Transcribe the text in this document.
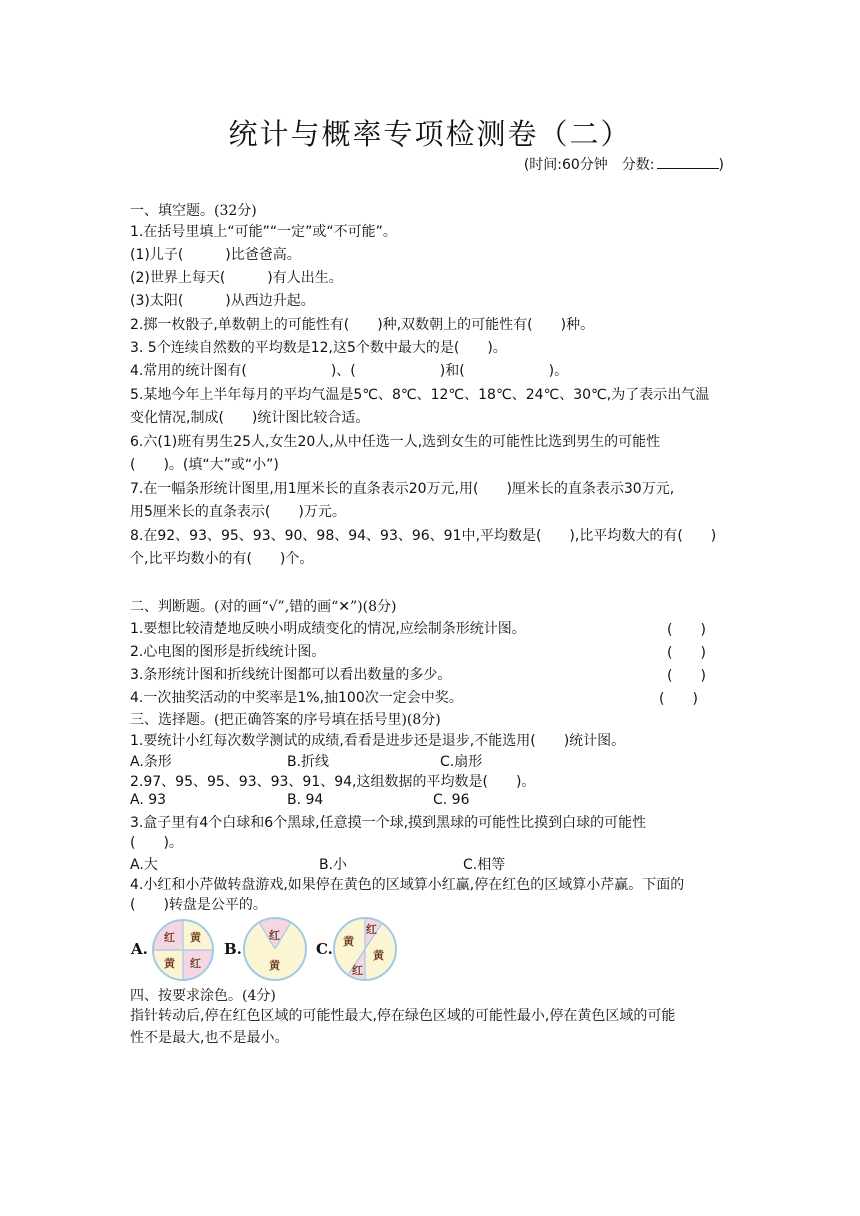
统计与概率专项检测卷（二）
(时间:60分钟　分数:	)
一、填空题。(32分)
1.在括号里填上“可能”“一定”或“不可能”。
(1)儿子(　　　)比爸爸高。
(2)世界上每天(　　　)有人出生。
(3)太阳(　　　)从西边升起。
2.掷一枚骰子,单数朝上的可能性有(　　)种,双数朝上的可能性有(　　)种。
3. 5个连续自然数的平均数是12,这5个数中最大的是(　　)。
4.常用的统计图有(　　　　　　)、(　　　　　　)和(　　　　　　)。
5.某地今年上半年每月的平均气温是5℃、8℃、12℃、18℃、24℃、30℃,为了表示出气温
变化情况,制成(　　)统计图比较合适。
6.六(1)班有男生25人,女生20人,从中任选一人,选到女生的可能性比选到男生的可能性
(　　)。(填“大”或“小”)
7.在一幅条形统计图里,用1厘米长的直条表示20万元,用(　　)厘米长的直条表示30万元,
用5厘米长的直条表示(　　)万元。
8.在92、93、95、93、90、98、94、93、96、91中,平均数是(　　),比平均数大的有(　　)
个,比平均数小的有(　　)个。
二、判断题。(对的画“√”,错的画“✕”)(8分)
1.要想比较清楚地反映小明成绩变化的情况,应绘制条形统计图。	(　　)
2.心电图的图形是折线统计图。	(　　)
3.条形统计图和折线统计图都可以看出数量的多少。	(　　)
4.一次抽奖活动的中奖率是1%,抽100次一定会中奖。	(　　)
三、选择题。(把正确答案的序号填在括号里)(8分)
1.要统计小红每次数学测试的成绩,看看是进步还是退步,不能选用(　　)统计图。
A.条形	B.折线	C.扇形
2.97、95、95、93、93、91、94,这组数据的平均数是(　　)。
A. 93	B. 94	C. 96
3.盒子里有4个白球和6个黑球,任意摸一个球,摸到黑球的可能性比摸到白球的可能性
(　　)。
A.大	B.小	C.相等
4.小红和小芹做转盘游戏,如果停在黄色的区域算小红赢,停在红色的区域算小芹赢。下面的
(　　)转盘是公平的。
A.
红 黄
黄 红
B.
红
黄
C.
红
黄
黄
红
四、按要求涂色。(4分)
指针转动后,停在红色区域的可能性最大,停在绿色区域的可能性最小,停在黄色区域的可能
性不是最大,也不是最小。
